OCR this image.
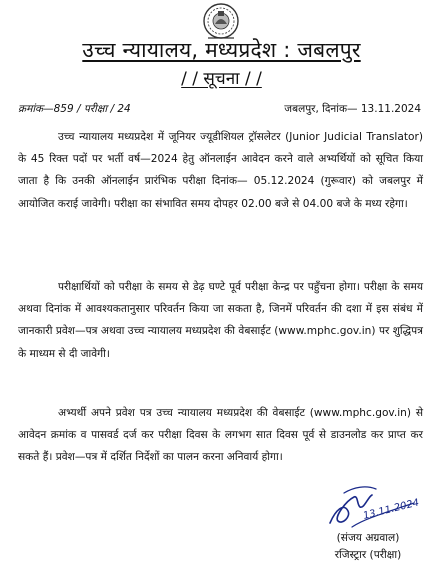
उच्च न्यायालय, मध्यप्रदेश : जबलपुर
/ / सूचना / /
क्रमांक—859 / परीक्षा / 24	जबलपुर, दिनांक— 13.11.2024

उच्च न्यायालय मध्यप्रदेश में जूनियर ज्यूडीशियल ट्रॉसलेटर (Junior Judicial Translator) के 45 रिक्त पदों पर भर्ती वर्ष—2024 हेतु ऑनलाईन आवेदन करने वाले अभ्यर्थियों को सूचित किया जाता है कि उनकी ऑनलाईन प्रारंभिक परीक्षा दिनांक— 05.12.2024 (गुरूवार) को जबलपुर में आयोजित कराई जावेगी। परीक्षा का संभावित समय दोपहर 02.00 बजे से 04.00 बजे के मध्य रहेगा।

परीक्षार्थियों को परीक्षा के समय से डेढ़ घण्टे पूर्व परीक्षा केन्द्र पर पहुँचना होगा। परीक्षा के समय अथवा दिनांक में आवश्यकतानुसार परिवर्तन किया जा सकता है, जिनमें परिवर्तन की दशा में इस संबंध में जानकारी प्रवेश—पत्र अथवा उच्च न्यायालय मध्यप्रदेश की वेबसाईट (www.mphc.gov.in) पर शुद्धिपत्र के माध्यम से दी जावेगी।

अभ्यर्थी अपने प्रवेश पत्र उच्च न्यायालय मध्यप्रदेश की वेबसाईट (www.mphc.gov.in) से आवेदन क्रमांक व पासवर्ड दर्ज कर परीक्षा दिवस के लगभग सात दिवस पूर्व से डाउनलोड कर प्राप्त कर सकते हैं। प्रवेश—पत्र में दर्शित निर्देशों का पालन करना अनिवार्य होगा।

13.11.2024
(संजय अग्रवाल)
रजिस्ट्रार (परीक्षा)
